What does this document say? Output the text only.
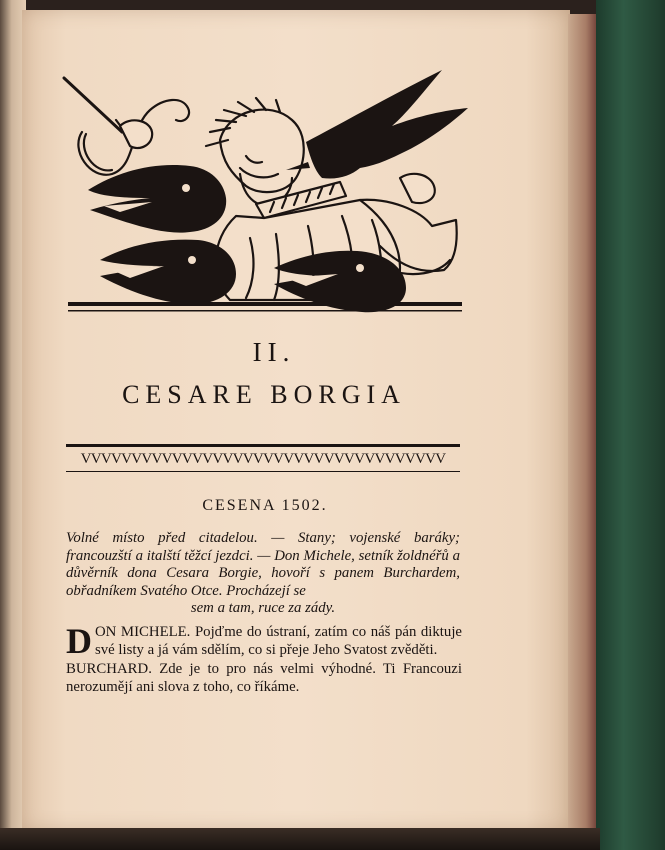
II.
CESARE BORGIA
VVVVVVVVVVVVVVVVVVVVVVVVVVVVVVVVVVVV
CESENA 1502.
Volné místo před citadelou. — Stany; vojenské baráky; francouzští a italští těžcí jezdci. — Don Michele, setník žoldnéřů a důvěrník dona Cesara Borgie, hovoří s panem Burchardem, obřadníkem Svatého Otce. Procházejí se
sem a tam, ruce za zády.

DON MICHELE. Pojďme do ústraní, zatím co náš pán diktuje své listy a já vám sdělím, co si přeje Jeho Svatost zvěděti.

BURCHARD. Zde je to pro nás velmi výhodné. Ti Francouzi nerozumějí ani slova z toho, co říkáme.
